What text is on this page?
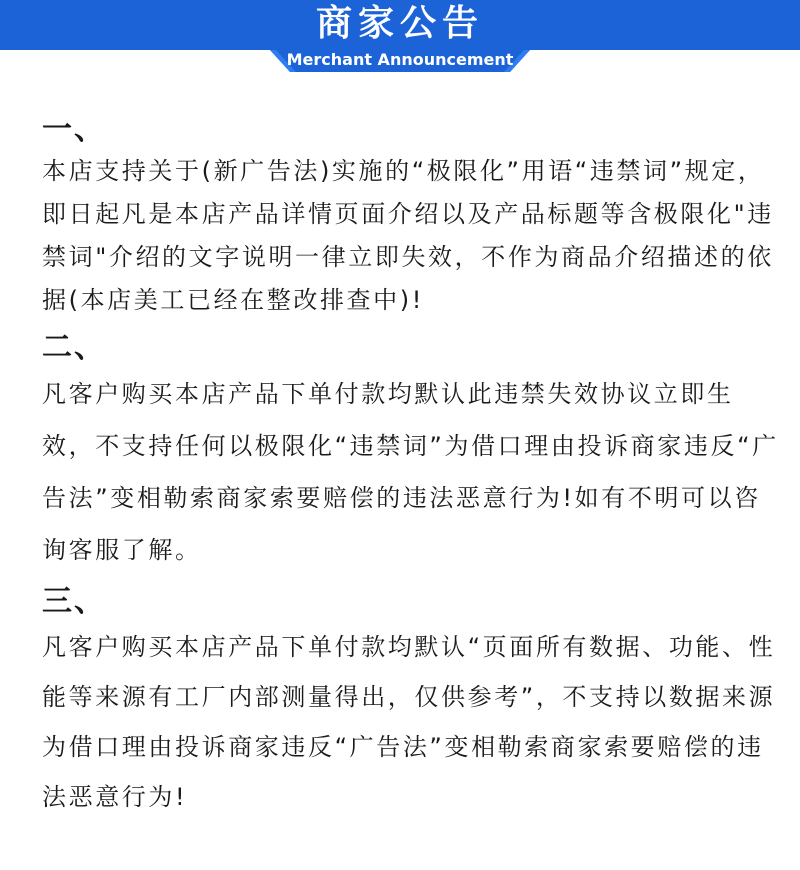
商家公告
Merchant Announcement
一、

本店支持关于(新广告法)实施的“极限化”用语“违禁词”规定，即日起凡是本店产品详情页面介绍以及产品标题等含极限化"违禁词"介绍的文字说明一律立即失效，不作为商品介绍描述的依据(本店美工已经在整改排查中)!

二、

凡客户购买本店产品下单付款均默认此违禁失效协议立即生效，不支持任何以极限化“违禁词”为借口理由投诉商家违反“广告法”变相勒索商家索要赔偿的违法恶意行为!如有不明可以咨询客服了解。

三、

凡客户购买本店产品下单付款均默认“页面所有数据、功能、性能等来源有工厂内部测量得出，仅供参考”，不支持以数据来源为借口理由投诉商家违反“广告法”变相勒索商家索要赔偿的违法恶意行为!
